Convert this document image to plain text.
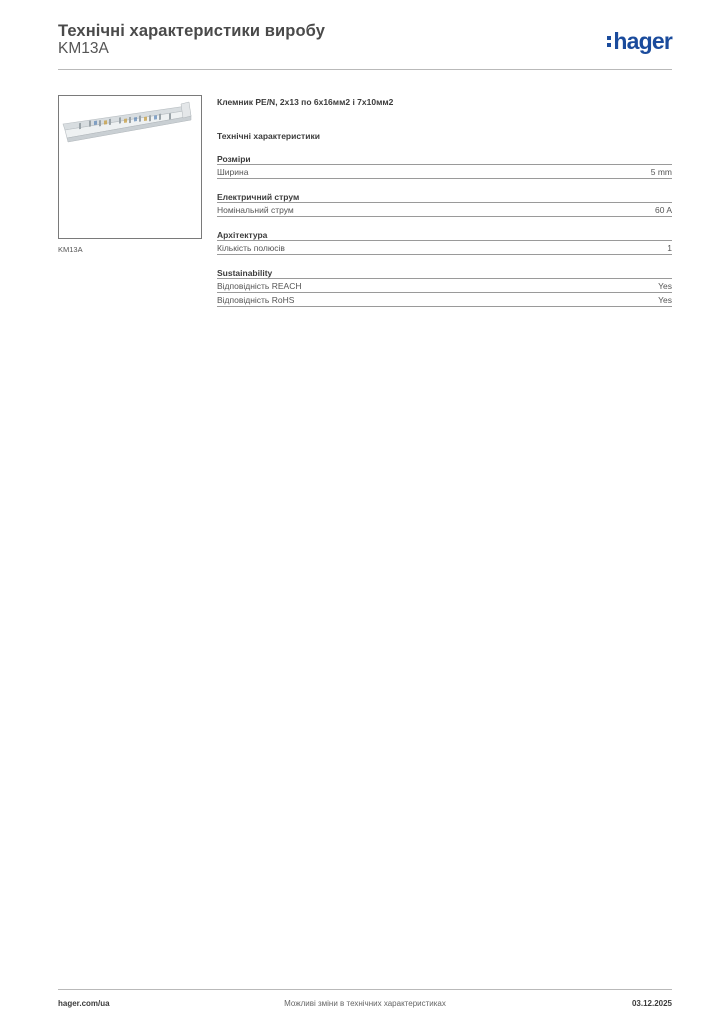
Технічні характеристики виробу
KM13A	hager
KM13A
Клемник PE/N, 2x13 по 6x16мм2 і 7x10мм2
Технічні характеристики
Розміри
Ширина	5 mm
Електричний струм
Номінальний струм	60 A
Архітектура
Кількість полюсів	1
Sustainability
Відповідність REACH	Yes
Відповідність RoHS	Yes
Можливі зміни в технічних характеристиках
hager.com/ua	03.12.2025
